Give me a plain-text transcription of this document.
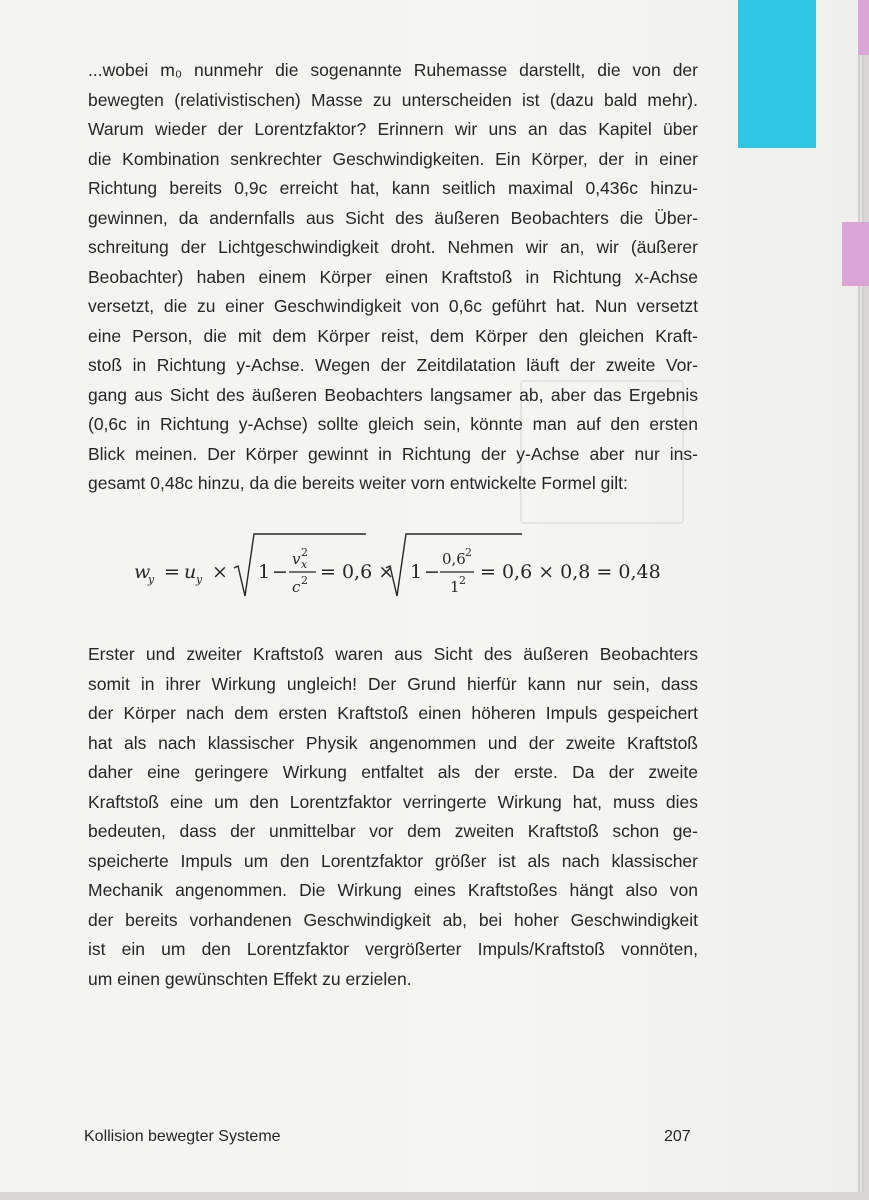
...wobei m₀ nunmehr die sogenannte Ruhemasse darstellt, die von der
bewegten (relativistischen) Masse zu unterscheiden ist (dazu bald mehr).
Warum wieder der Lorentzfaktor? Erinnern wir uns an das Kapitel über
die Kombination senkrechter Geschwindigkeiten. Ein Körper, der in einer
Richtung bereits 0,9c erreicht hat, kann seitlich maximal 0,436c hinzu-
gewinnen, da andernfalls aus Sicht des äußeren Beobachters die Über-
schreitung der Lichtgeschwindigkeit droht. Nehmen wir an, wir (äußerer
Beobachter) haben einem Körper einen Kraftstoß in Richtung x-Achse
versetzt, die zu einer Geschwindigkeit von 0,6c geführt hat. Nun versetzt
eine Person, die mit dem Körper reist, dem Körper den gleichen Kraft-
stoß in Richtung y-Achse. Wegen der Zeitdilatation läuft der zweite Vor-
gang aus Sicht des äußeren Beobachters langsamer ab, aber das Ergebnis
(0,6c in Richtung y-Achse) sollte gleich sein, könnte man auf den ersten
Blick meinen. Der Körper gewinnt in Richtung der y-Achse aber nur ins-
gesamt 0,48c hinzu, da die bereits weiter vorn entwickelte Formel gilt:
w
y = u y × 1 −
v 2
x
c 2 = 0,6 × 1 −
0,6 2
1 2 = 0,6 × 0,8 = 0,48
Erster und zweiter Kraftstoß waren aus Sicht des äußeren Beobachters
somit in ihrer Wirkung ungleich! Der Grund hierfür kann nur sein, dass
der Körper nach dem ersten Kraftstoß einen höheren Impuls gespeichert
hat als nach klassischer Physik angenommen und der zweite Kraftstoß
daher eine geringere Wirkung entfaltet als der erste. Da der zweite
Kraftstoß eine um den Lorentzfaktor verringerte Wirkung hat, muss dies
bedeuten, dass der unmittelbar vor dem zweiten Kraftstoß schon ge-
speicherte Impuls um den Lorentzfaktor größer ist als nach klassischer
Mechanik angenommen. Die Wirkung eines Kraftstoßes hängt also von
der bereits vorhandenen Geschwindigkeit ab, bei hoher Geschwindigkeit
ist ein um den Lorentzfaktor vergrößerter Impuls/Kraftstoß vonnöten,
um einen gewünschten Effekt zu erzielen.
Kollision bewegter Systeme	207
